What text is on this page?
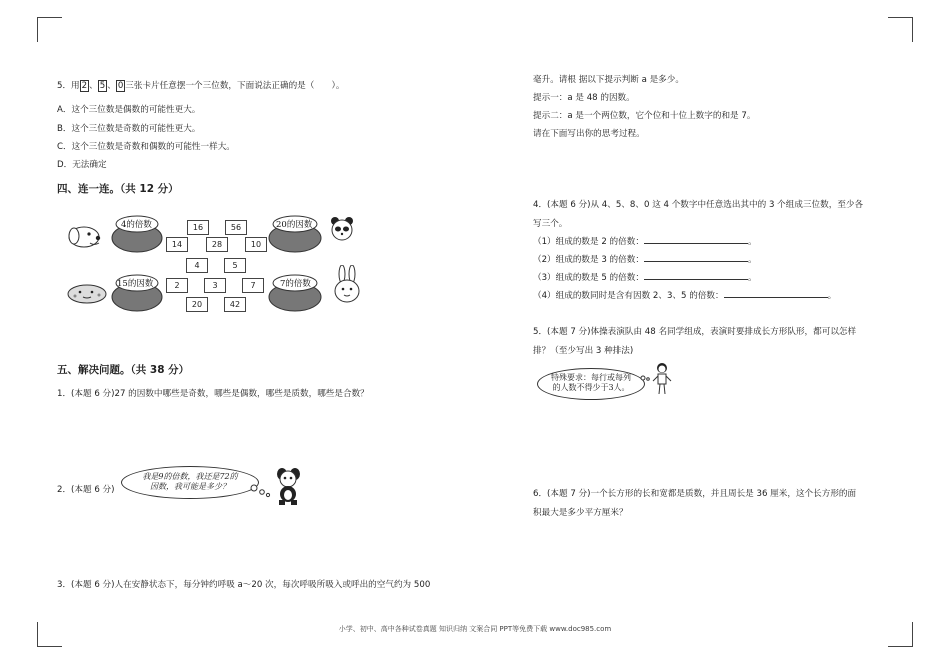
5．用 2 、 5 、 0 三张卡片任意摆一个三位数，下面说法正确的是（　　）。
A．这个三位数是偶数的可能性更大。
B．这个三位数是奇数的可能性更大。
C．这个三位数是奇数和偶数的可能性一样大。
D．无法确定
四、连一连。（共 12 分）
4的倍数	20的因数
15的因数	7的倍数
16	56
14	28	10
4	5
2	3	7
20	42
五、解决问题。（共 38 分）
1．(本题 6 分)27 的因数中哪些是奇数，哪些是偶数，哪些是质数，哪些是合数？
2．(本题 6 分)
我是9的倍数，我还是72的
因数，我可能是多少？
3．(本题 6 分)人在安静状态下，每分钟约呼吸 a～20 次，每次呼吸所吸入或呼出的空气约为 500
毫升。请根 据以下提示判断 a 是多少。
提示一：a 是 48 的因数。
提示二：a 是一个两位数，它个位和十位上数字的和是 7。
请在下面写出你的思考过程。
4．(本题 6 分)从 4、5、8、0 这 4 个数字中任意选出其中的 3 个组成三位数，至少各
写三个。
（1）组成的数是 2 的倍数：	。
（2）组成的数是 3 的倍数：	。
（3）组成的数是 5 的倍数：	。
（4）组成的数同时是含有因数 2、3、5 的倍数：	。
5．(本题 7 分)体操表演队由 48 名同学组成，表演时要排成长方形队形，都可以怎样
排？（至少写出 3 种排法)
特殊要求：每行或每列
的人数不得少于3人。
6．(本题 7 分)一个长方形的长和宽都是质数，并且周长是 36 厘米，这个长方形的面
积最大是多少平方厘米？
小学、初中、高中各种试卷真题 知识归纳 文案合同 PPT等免费下载 www.doc985.com
